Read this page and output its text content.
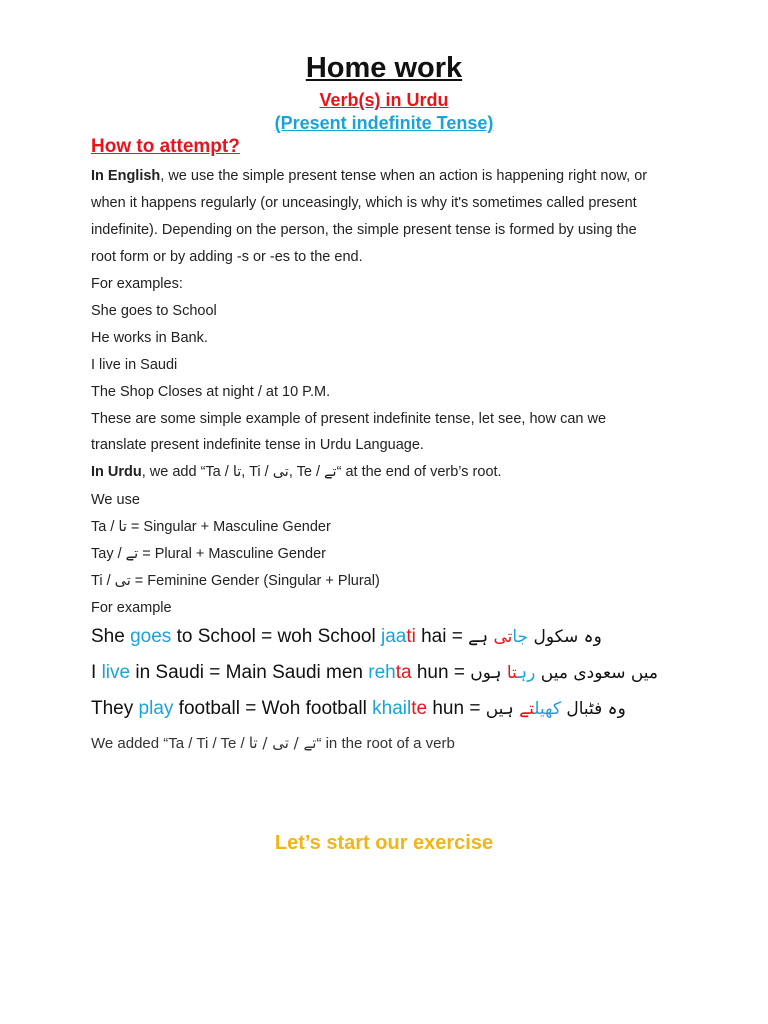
Home work
Verb(s) in Urdu
(Present indefinite Tense)
How to attempt?
In English, we use the simple present tense when an action is happening right now, or
when it happens regularly (or unceasingly, which is why it's sometimes called present
indefinite). Depending on the person, the simple present tense is formed by using the
root form or by adding -s or -es to the end.
For examples:
She goes to School
He works in Bank.
I live in Saudi
The Shop Closes at night / at 10 P.M.
These are some simple example of present indefinite tense, let see, how can we
translate present indefinite tense in Urdu Language.
In Urdu, we add “Ta / تا, Ti / تی, Te / تے“ at the end of verb’s root.
We use
Ta / تا = Singular + Masculine Gender
Tay / تے = Plural + Masculine Gender
Ti / تی = Feminine Gender (Singular + Plural)
For example
She goes to School = woh School jaati hai =	وہ سکول جاتی ہے
I live in Saudi = Main Saudi men rehta hun =	میں سعودی میں رہتا ہوں
They play football = Woh football khailte hun =	وہ فٹبال کھیلتے ہیں
We added “Ta / Ti / Te / تے / تی / تا“ in the root of a verb
Let’s start our exercise
